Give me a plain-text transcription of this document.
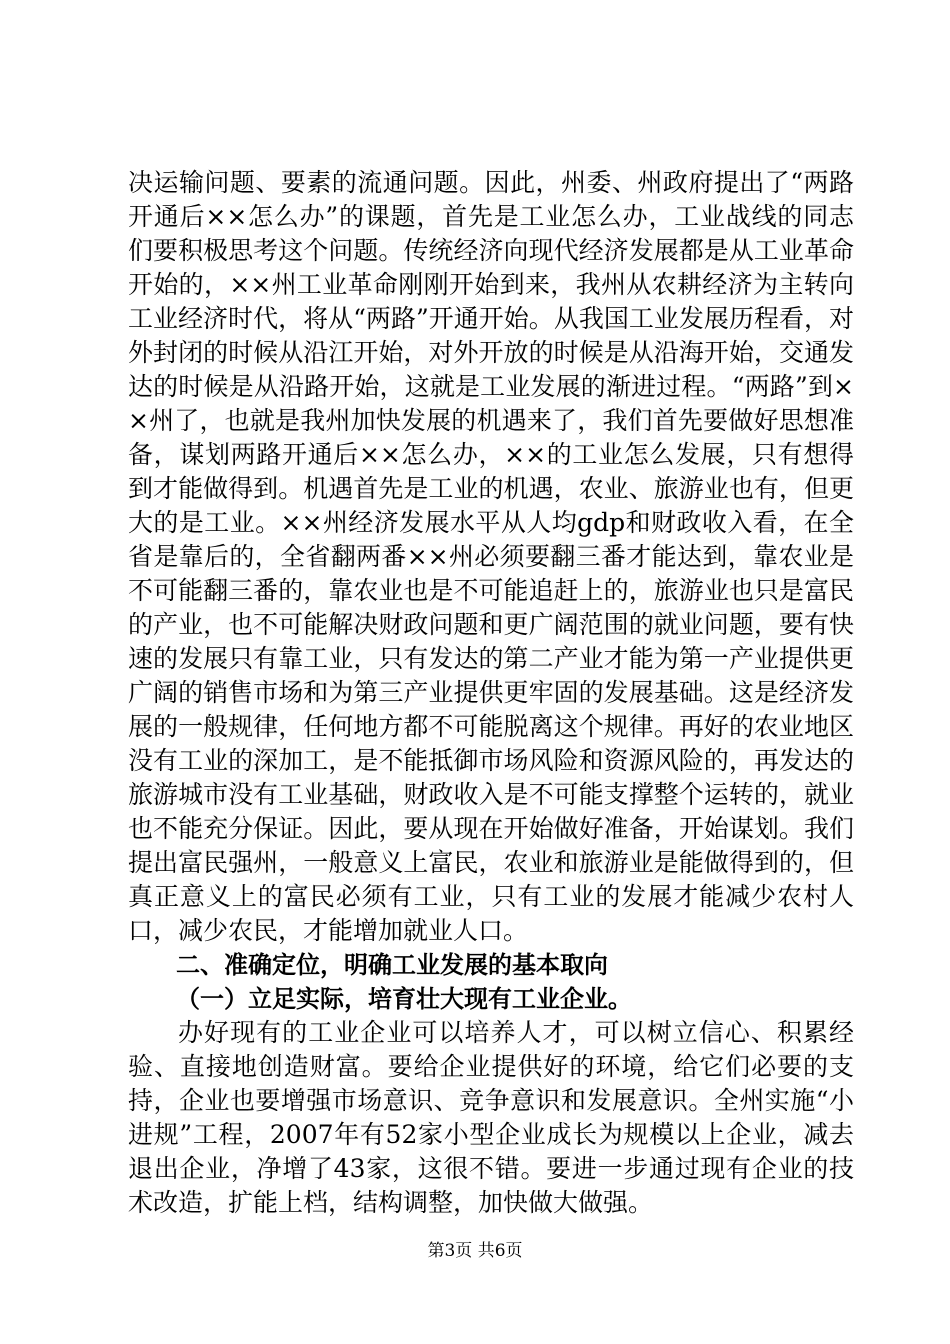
决运输问题、要素的流通问题。因此，州委、州政府提出了“两路开通后××怎么办”的课题，首先是工业怎么办，工业战线的同志们要积极思考这个问题。传统经济向现代经济发展都是从工业革命开始的，××州工业革命刚刚开始到来，我州从农耕经济为主转向工业经济时代，将从“两路”开通开始。从我国工业发展历程看，对外封闭的时候从沿江开始，对外开放的时候是从沿海开始，交通发达的时候是从沿路开始，这就是工业发展的渐进过程。“两路”到××州了，也就是我州加快发展的机遇来了，我们首先要做好思想准备，谋划两路开通后××怎么办，××的工业怎么发展，只有想得到才能做得到。机遇首先是工业的机遇，农业、旅游业也有，但更大的是工业。××州经济发展水平从人均gdp和财政收入看，在全省是靠后的，全省翻两番××州必须要翻三番才能达到，靠农业是不可能翻三番的，靠农业也是不可能追赶上的，旅游业也只是富民的产业，也不可能解决财政问题和更广阔范围的就业问题，要有快速的发展只有靠工业，只有发达的第二产业才能为第一产业提供更广阔的销售市场和为第三产业提供更牢固的发展基础。这是经济发展的一般规律，任何地方都不可能脱离这个规律。再好的农业地区没有工业的深加工，是不能抵御市场风险和资源风险的，再发达的旅游城市没有工业基础，财政收入是不可能支撑整个运转的，就业也不能充分保证。因此，要从现在开始做好准备，开始谋划。我们提出富民强州，一般意义上富民，农业和旅游业是能做得到的，但真正意义上的富民必须有工业，只有工业的发展才能减少农村人口，减少农民，才能增加就业人口。

二、准确定位，明确工业发展的基本取向

（一）立足实际，培育壮大现有工业企业。

办好现有的工业企业可以培养人才，可以树立信心、积累经验、直接地创造财富。要给企业提供好的环境，给它们必要的支持，企业也要增强市场意识、竞争意识和发展意识。全州实施“小进规”工程，2007年有52家小型企业成长为规模以上企业，减去退出企业，净增了43家，这很不错。要进一步通过现有企业的技术改造，扩能上档，结构调整，加快做大做强。

第3页 共6页
